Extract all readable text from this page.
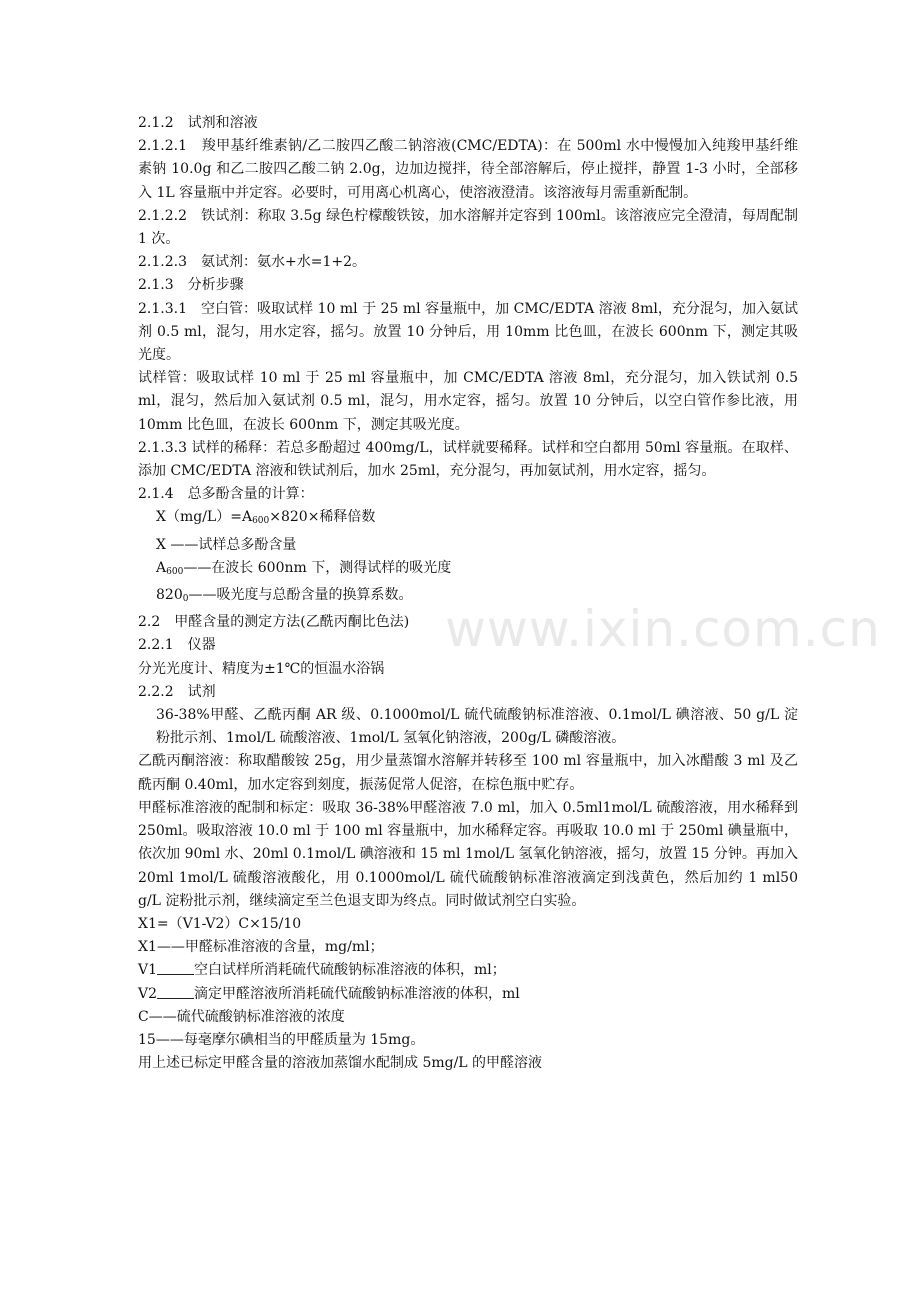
www.ixin.com.cn

2.1.2　试剂和溶液

2.1.2.1　羧甲基纤维素钠/乙二胺四乙酸二钠溶液(CMC/EDTA)：在 500ml 水中慢慢加入纯羧甲基纤维素钠 10.0g 和乙二胺四乙酸二钠 2.0g，边加边搅拌，待全部溶解后，停止搅拌，静置 1-3 小时，全部移入 1L 容量瓶中并定容。必要时，可用离心机离心，使溶液澄清。该溶液每月需重新配制。

2.1.2.2　铁试剂：称取 3.5g 绿色柠檬酸铁铵，加水溶解并定容到 100ml。该溶液应完全澄清，每周配制 1 次。

2.1.2.3　氨试剂：氨水+水=1+2。

2.1.3　分析步骤

2.1.3.1　空白管：吸取试样 10 ml 于 25 ml 容量瓶中，加 CMC/EDTA 溶液 8ml，充分混匀，加入氨试剂 0.5 ml，混匀，用水定容，摇匀。放置 10 分钟后，用 10mm 比色皿，在波长 600nm 下，测定其吸光度。

试样管：吸取试样 10 ml 于 25 ml 容量瓶中，加 CMC/EDTA 溶液 8ml，充分混匀，加入铁试剂 0.5 ml，混匀，然后加入氨试剂 0.5 ml，混匀，用水定容，摇匀。放置 10 分钟后，以空白管作参比液，用 10mm 比色皿，在波长 600nm 下，测定其吸光度。

2.1.3.3 试样的稀释：若总多酚超过 400mg/L，试样就要稀释。试样和空白都用 50ml 容量瓶。在取样、添加 CMC/EDTA 溶液和铁试剂后，加水 25ml，充分混匀，再加氨试剂，用水定容，摇匀。

2.1.4　总多酚含量的计算：

$X(mg/L)=A_{600}\times 820\times$稀释倍数

X ——试样总多酚含量

$A_{600}——$在波长 600nm 下，测得试样的吸光度

$820_0——$吸光度与总酚含量的换算系数。

2.2　甲醛含量的测定方法(乙酰丙酮比色法)

2.2.1　仪器

分光光度计、精度为±1℃的恒温水浴锅

2.2.2　试剂

36-38%甲醛、乙酰丙酮 AR 级、0.1000mol/L 硫代硫酸钠标准溶液、0.1mol/L 碘溶液、50 g/L 淀粉批示剂、1mol/L 硫酸溶液、1mol/L 氢氧化钠溶液，200g/L 磷酸溶液。

乙酰丙酮溶液：称取醋酸铵 25g，用少量蒸馏水溶解并转移至 100 ml 容量瓶中，加入冰醋酸 3 ml 及乙酰丙酮 0.40ml，加水定容到刻度，振荡促常人促溶，在棕色瓶中贮存。

甲醛标准溶液的配制和标定：吸取 36-38%甲醛溶液 7.0 ml，加入 0.5ml1mol/L 硫酸溶液，用水稀释到250ml。吸取溶液 10.0 ml 于 100 ml 容量瓶中，加水稀释定容。再吸取 10.0 ml 于 250ml 碘量瓶中，依次加 90ml 水、20ml 0.1mol/L 碘溶液和 15 ml 1mol/L 氢氧化钠溶液，摇匀，放置 15 分钟。再加入 20ml 1mol/L 硫酸溶液酸化，用 0.1000mol/L 硫代硫酸钠标准溶液滴定到浅黄色，然后加约 1 ml50 g/L 淀粉批示剂，继续滴定至兰色退支即为终点。同时做试剂空白实验。

X1=（V1-V2）C×15/10

X1——甲醛标准溶液的含量，mg/ml；

V1	空白试样所消耗硫代硫酸钠标准溶液的体积，ml；

V2	滴定甲醛溶液所消耗硫代硫酸钠标准溶液的体积，ml

C——硫代硫酸钠标准溶液的浓度

15——每毫摩尔碘相当的甲醛质量为 15mg。

用上述已标定甲醛含量的溶液加蒸馏水配制成 5mg/L 的甲醛溶液
